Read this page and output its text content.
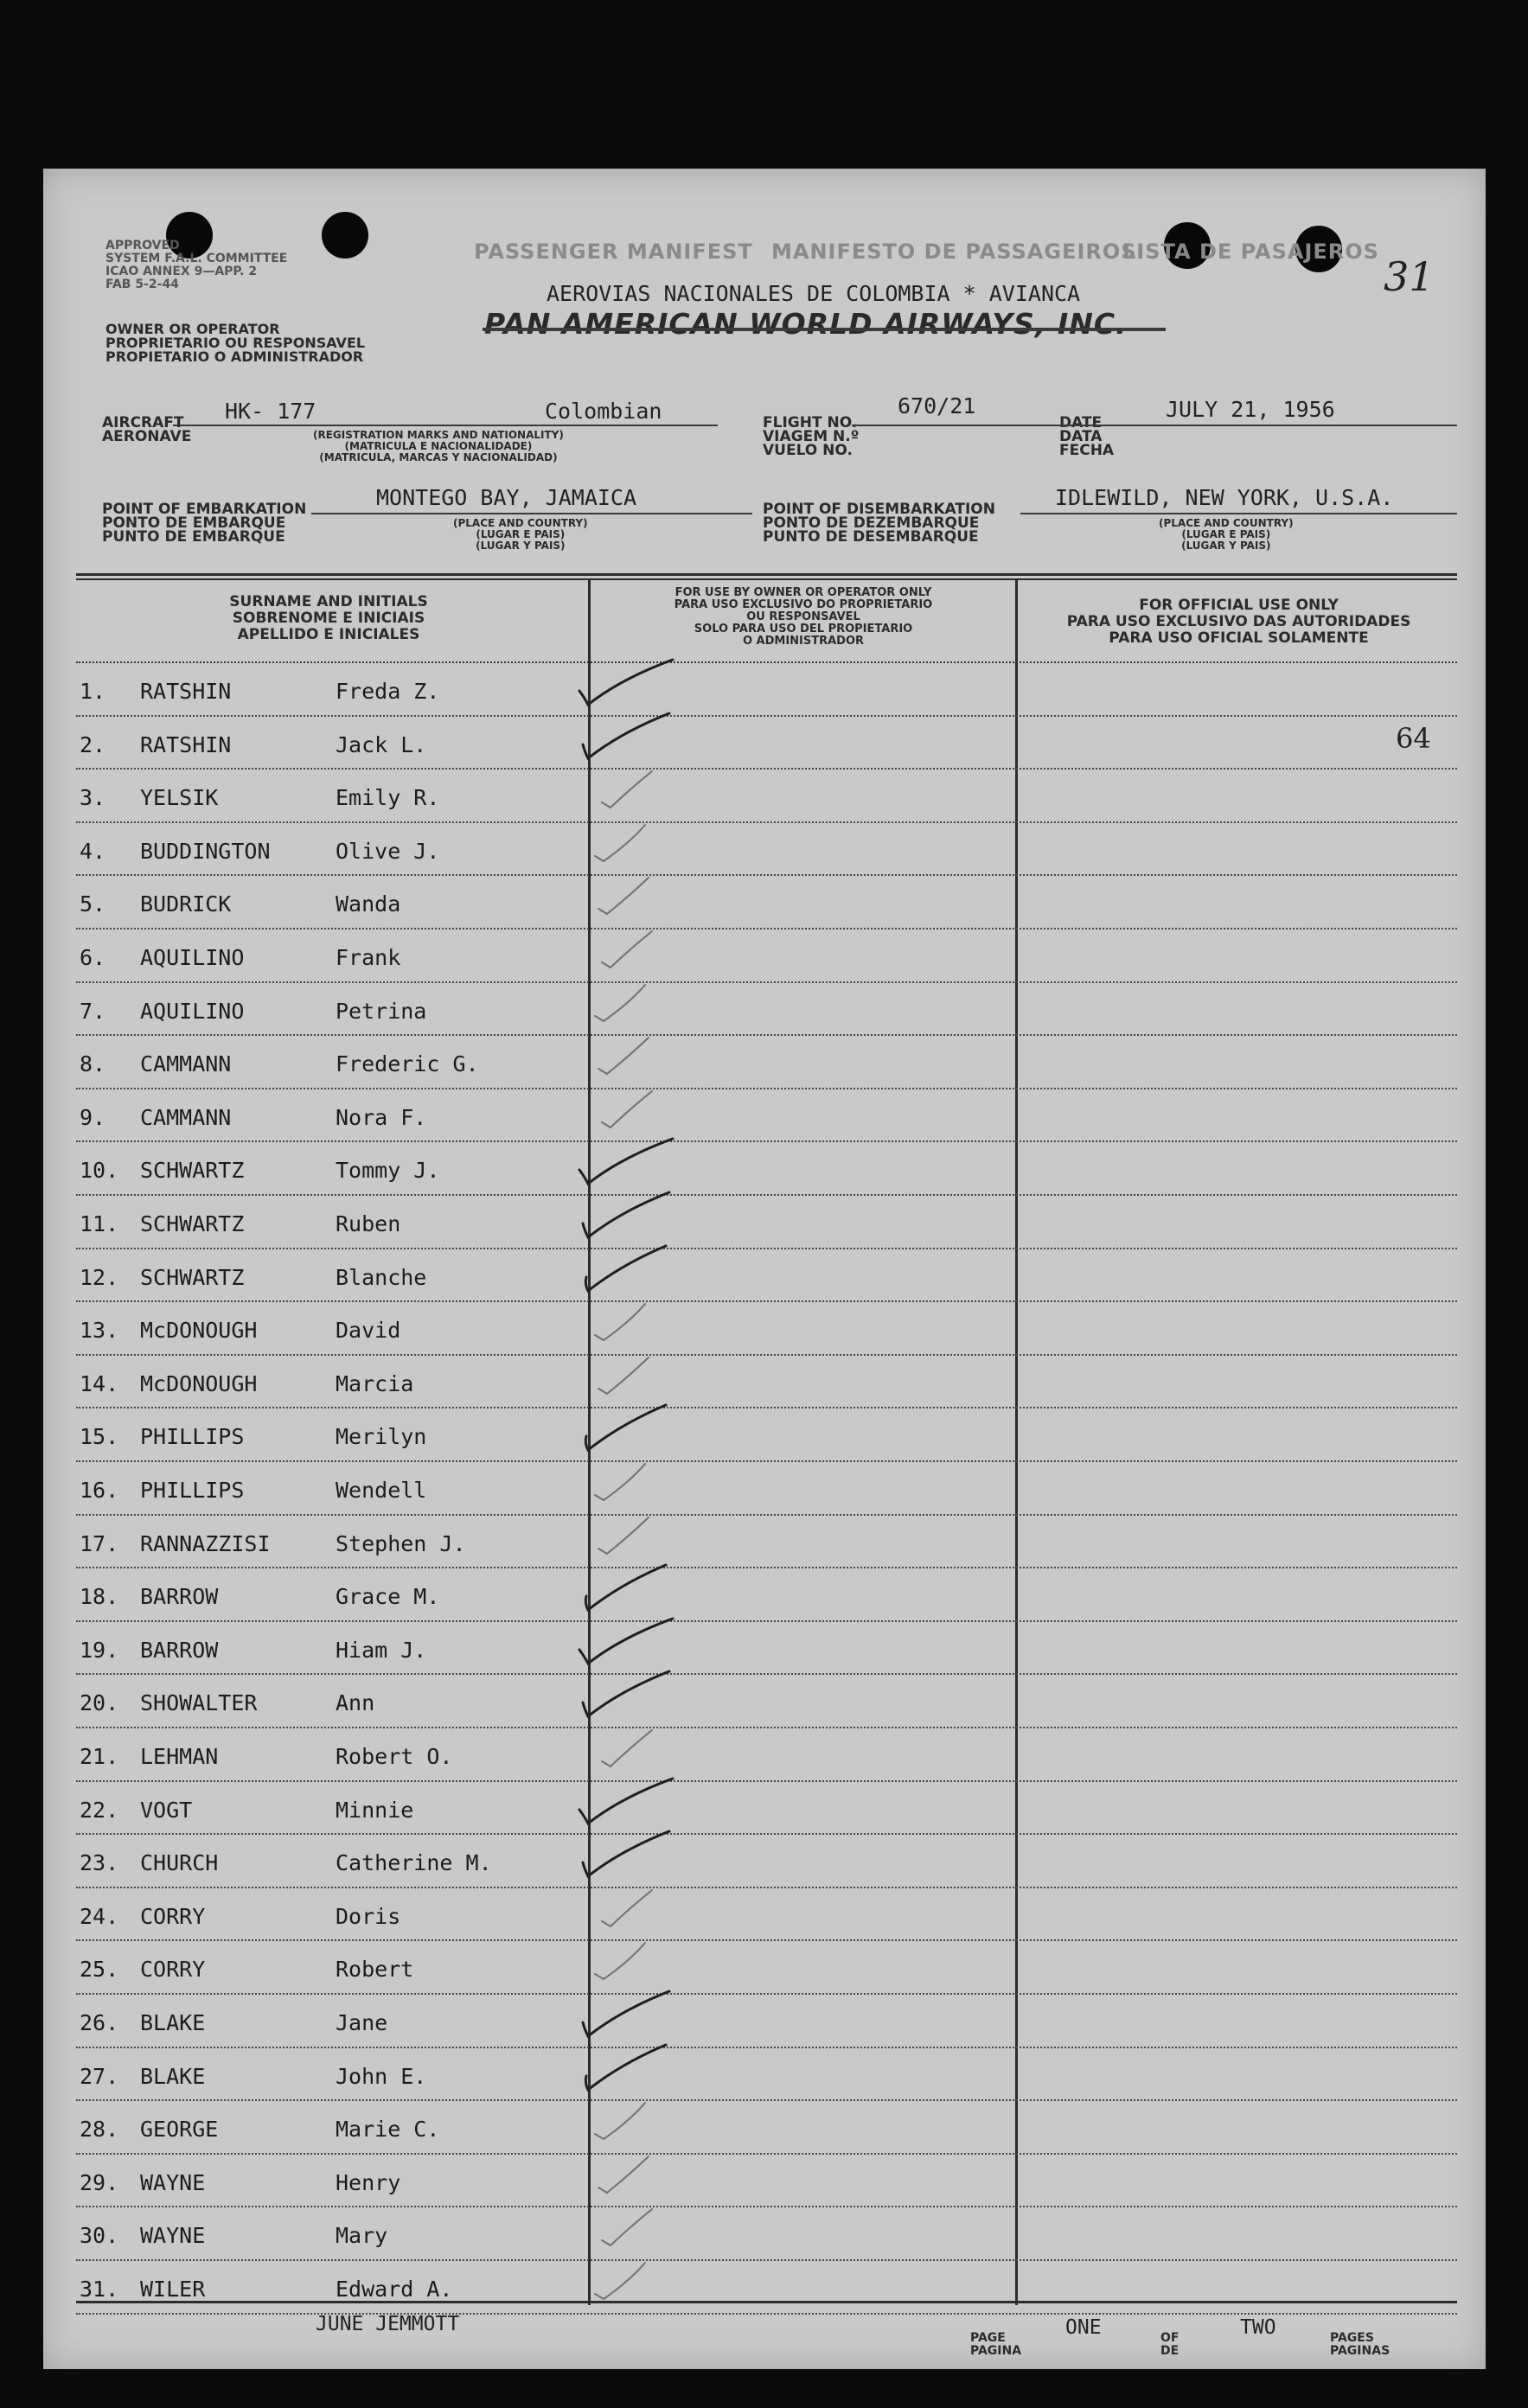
31
APPROVED
SYSTEM F.A.L. COMMITTEE
ICAO ANNEX 9—APP. 2
FAB 5-2-44
PASSENGER MANIFEST MANIFESTO DE PASSAGEIROS
LISTA DE PASAJEROS
OWNER OR OPERATOR
PROPRIETARIO OU RESPONSAVEL
PROPIETARIO O ADMINISTRADOR
AEROVIAS NACIONALES DE COLOMBIA * AVIANCA
PAN AMERICAN WORLD AIRWAYS, INC.
AIRCRAFT
AERONAVE
HK- 177	Colombian
(REGISTRATION MARKS AND NATIONALITY)
(MATRICULA E NACIONALIDADE)
(MATRICULA, MARCAS Y NACIONALIDAD)
FLIGHT NO.
VIAGEM N.º
VUELO NO.
670/21
DATE
DATA
FECHA
JULY 21, 1956
POINT OF EMBARKATION
PONTO DE EMBARQUE
PUNTO DE EMBARQUE
MONTEGO BAY, JAMAICA
(PLACE AND COUNTRY)
(LUGAR E PAIS)
(LUGAR Y PAIS)
POINT OF DISEMBARKATION
PONTO DE DEZEMBARQUE
PUNTO DE DESEMBARQUE
IDLEWILD, NEW YORK, U.S.A.
(PLACE AND COUNTRY)
(LUGAR E PAIS)
(LUGAR Y PAIS)
SURNAME AND INITIALS
SOBRENOME E INICIAIS
APELLIDO E INICIALES
FOR USE BY OWNER OR OPERATOR ONLY
PARA USO EXCLUSIVO DO PROPRIETARIO
OU RESPONSAVEL
SOLO PARA USO DEL PROPIETARIO
O ADMINISTRADOR
FOR OFFICIAL USE ONLY
PARA USO EXCLUSIVO DAS AUTORIDADES
PARA USO OFICIAL SOLAMENTE
64
1. RATSHIN	Freda Z.
2. RATSHIN	Jack L.
3. YELSIK	Emily R.
4. BUDDINGTON	Olive J.
5. BUDRICK	Wanda
6. AQUILINO	Frank
7. AQUILINO	Petrina
8. CAMMANN	Frederic G.
9. CAMMANN	Nora F.
10. SCHWARTZ	Tommy J.
11. SCHWARTZ	Ruben
12. SCHWARTZ	Blanche
13. McDONOUGH	David
14. McDONOUGH	Marcia
15. PHILLIPS	Merilyn
16. PHILLIPS	Wendell
17. RANNAZZISI	Stephen J.
18. BARROW	Grace M.
19. BARROW	Hiam J.
20. SHOWALTER	Ann
21. LEHMAN	Robert O.
22. VOGT	Minnie
23. CHURCH	Catherine M.
24. CORRY	Doris
25. CORRY	Robert
26. BLAKE	Jane
27. BLAKE	John E.
28. GEORGE	Marie C.
29. WAYNE	Henry
30. WAYNE	Mary
31. WILER	Edward A.
JUNE JEMMOTT
PAGE
PAGINA
ONE	OF
DE
TWO	PAGES
PAGINAS
